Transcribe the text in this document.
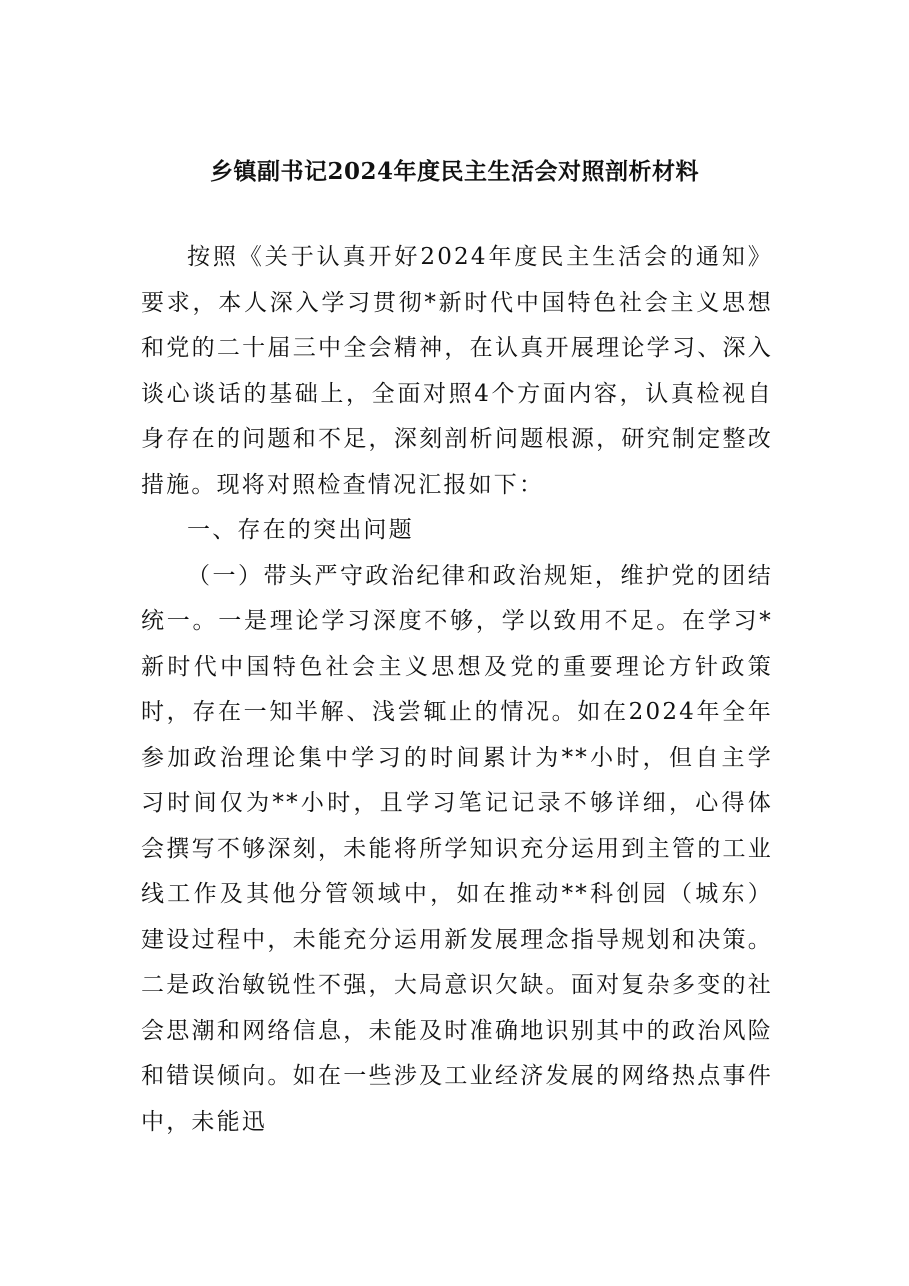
乡镇副书记2024年度民主生活会对照剖析材料

按照《关于认真开好2024年度民主生活会的通知》要求，本人深入学习贯彻*新时代中国特色社会主义思想和党的二十届三中全会精神，在认真开展理论学习、深入谈心谈话的基础上，全面对照4个方面内容，认真检视自身存在的问题和不足，深刻剖析问题根源，研究制定整改措施。现将对照检查情况汇报如下：

一、存在的突出问题

（一）带头严守政治纪律和政治规矩，维护党的团结统一。一是理论学习深度不够，学以致用不足。在学习*新时代中国特色社会主义思想及党的重要理论方针政策时，存在一知半解、浅尝辄止的情况。如在2024年全年参加政治理论集中学习的时间累计为**小时，但自主学习时间仅为**小时，且学习笔记记录不够详细，心得体会撰写不够深刻，未能将所学知识充分运用到主管的工业线工作及其他分管领域中，如在推动**科创园（城东）建设过程中，未能充分运用新发展理念指导规划和决策。二是政治敏锐性不强，大局意识欠缺。面对复杂多变的社会思潮和网络信息，未能及时准确地识别其中的政治风险和错误倾向。如在一些涉及工业经济发展的网络热点事件中，未能迅
